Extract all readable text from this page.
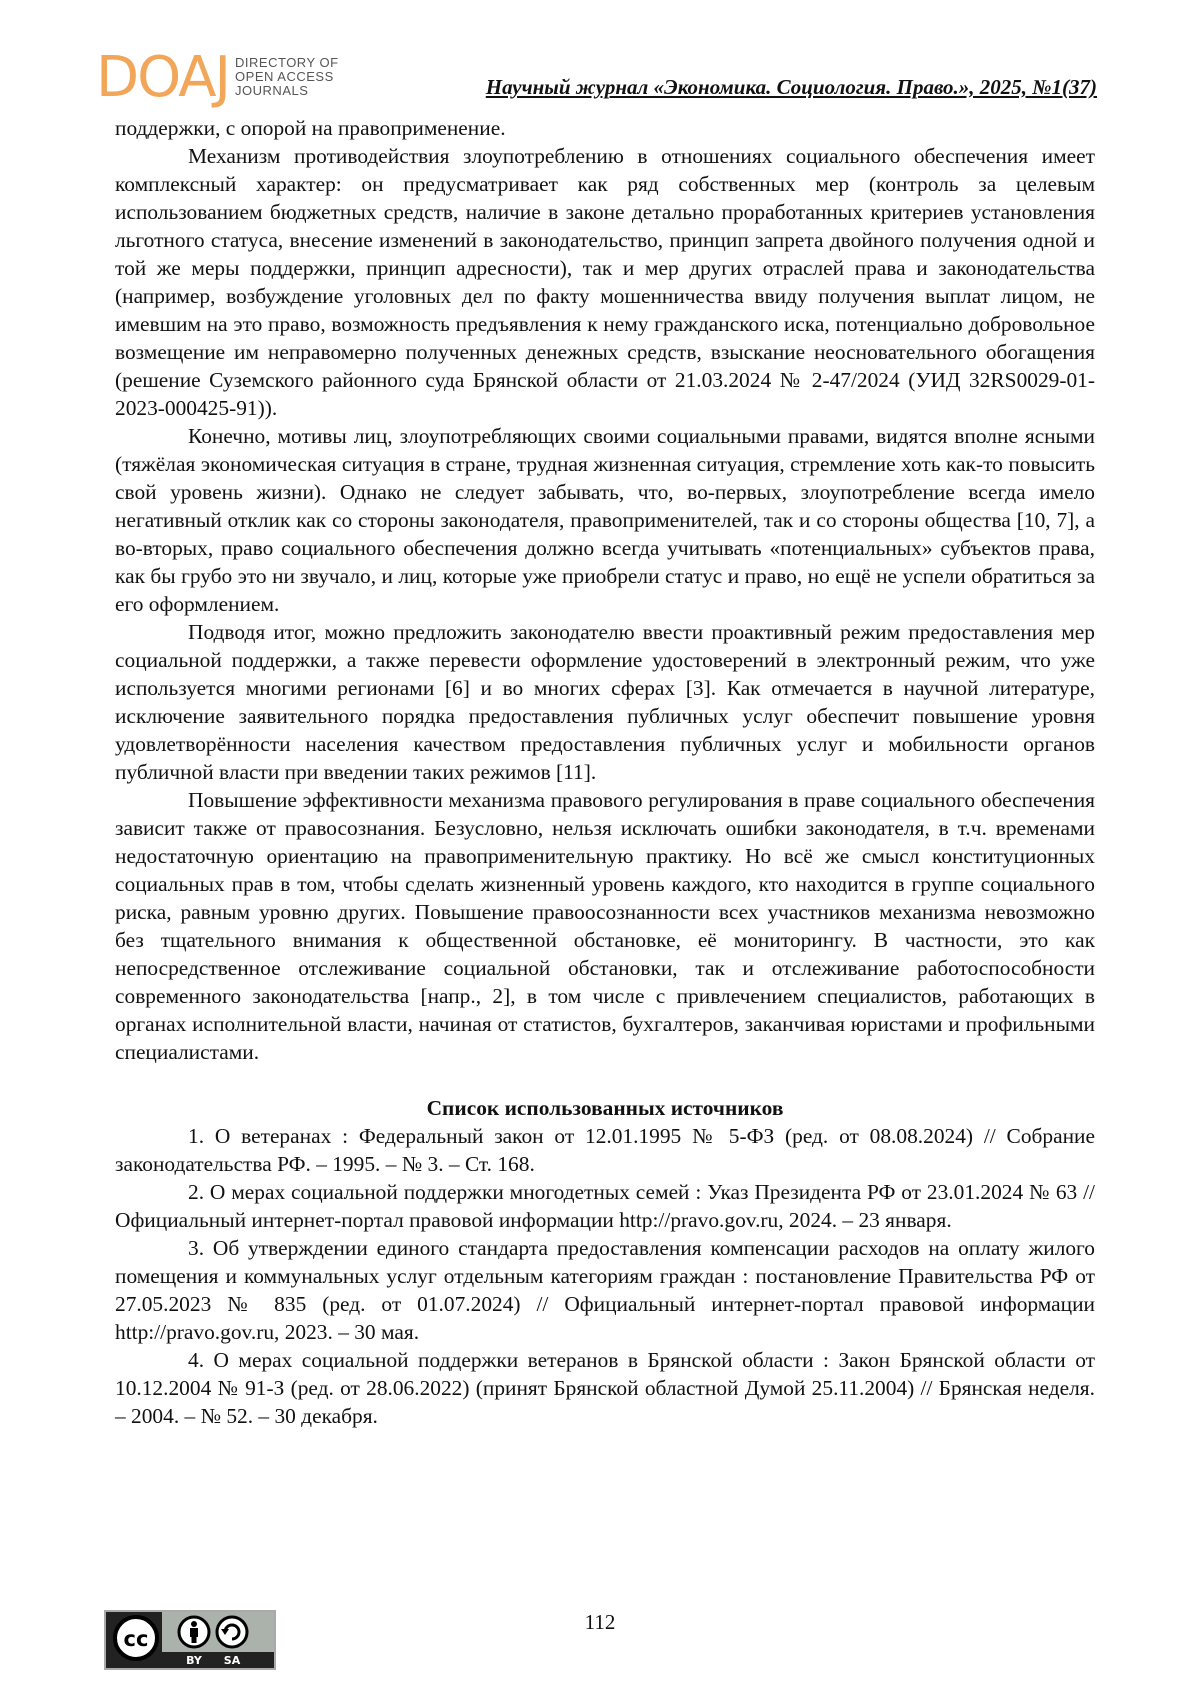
DOAJ DIRECTORY OF
OPEN ACCESS
JOURNALS	Научный журнал «Экономика. Социология. Право.», 2025, №1(37)

поддержки, с опорой на правоприменение.

Механизм противодействия злоупотреблению в отношениях социального обеспечения имеет комплексный характер: он предусматривает как ряд собственных мер (контроль за целевым использованием бюджетных средств, наличие в законе детально проработанных критериев установления льготного статуса, внесение изменений в законодательство, принцип запрета двойного получения одной и той же меры поддержки, принцип адресности), так и мер других отраслей права и законодательства (например, возбуждение уголовных дел по факту мошенничества ввиду получения выплат лицом, не имевшим на это право, возможность предъявления к нему гражданского иска, потенциально добровольное возмещение им неправомерно полученных денежных средств, взыскание неосновательного обогащения (решение Суземского районного суда Брянской области от 21.03.2024 № 2-47/2024 (УИД 32RS0029-01-2023-000425-91)).

Конечно, мотивы лиц, злоупотребляющих своими социальными правами, видятся вполне ясными (тяжёлая экономическая ситуация в стране, трудная жизненная ситуация, стремление хоть как-то повысить свой уровень жизни). Однако не следует забывать, что, во-первых, злоупотребление всегда имело негативный отклик как со стороны законодателя, правоприменителей, так и со стороны общества [10, 7], а во-вторых, право социального обеспечения должно всегда учитывать «потенциальных» субъектов права, как бы грубо это ни звучало, и лиц, которые уже приобрели статус и право, но ещё не успели обратиться за его оформлением.

Подводя итог, можно предложить законодателю ввести проактивный режим предоставления мер социальной поддержки, а также перевести оформление удостоверений в электронный режим, что уже используется многими регионами [6] и во многих сферах [3]. Как отмечается в научной литературе, исключение заявительного порядка предоставления публичных услуг обеспечит повышение уровня удовлетворённости населения качеством предоставления публичных услуг и мобильности органов публичной власти при введении таких режимов [11].

Повышение эффективности механизма правового регулирования в праве социального обеспечения зависит также от правосознания. Безусловно, нельзя исключать ошибки законодателя, в т.ч. временами недостаточную ориентацию на правоприменительную практику. Но всё же смысл конституционных социальных прав в том, чтобы сделать жизненный уровень каждого, кто находится в группе социального риска, равным уровню других. Повышение правоосознанности всех участников механизма невозможно без тщательного внимания к общественной обстановке, её мониторингу. В частности, это как непосредственное отслеживание социальной обстановки, так и отслеживание работоспособности современного законодательства [напр., 2], в том числе с привлечением специалистов, работающих в органах исполнительной власти, начиная от статистов, бухгалтеров, заканчивая юристами и профильными специалистами.

Список использованных источников

1. О ветеранах : Федеральный закон от 12.01.1995 № 5-ФЗ (ред. от 08.08.2024) // Собрание законодательства РФ. – 1995. – № 3. – Ст. 168.

2. О мерах социальной поддержки многодетных семей : Указ Президента РФ от 23.01.2024 № 63 // Официальный интернет-портал правовой информации http://pravo.gov.ru, 2024. – 23 января.

3. Об утверждении единого стандарта предоставления компенсации расходов на оплату жилого помещения и коммунальных услуг отдельным категориям граждан : постановление Правительства РФ от 27.05.2023 № 835 (ред. от 01.07.2024) // Официальный интернет-портал правовой информации http://pravo.gov.ru, 2023. – 30 мая.

4. О мерах социальной поддержки ветеранов в Брянской области : Закон Брянской области от 10.12.2004 № 91-З (ред. от 28.06.2022) (принят Брянской областной Думой 25.11.2004) // Брянская неделя. – 2004. – № 52. – 30 декабря.

cc
BY SA
112
